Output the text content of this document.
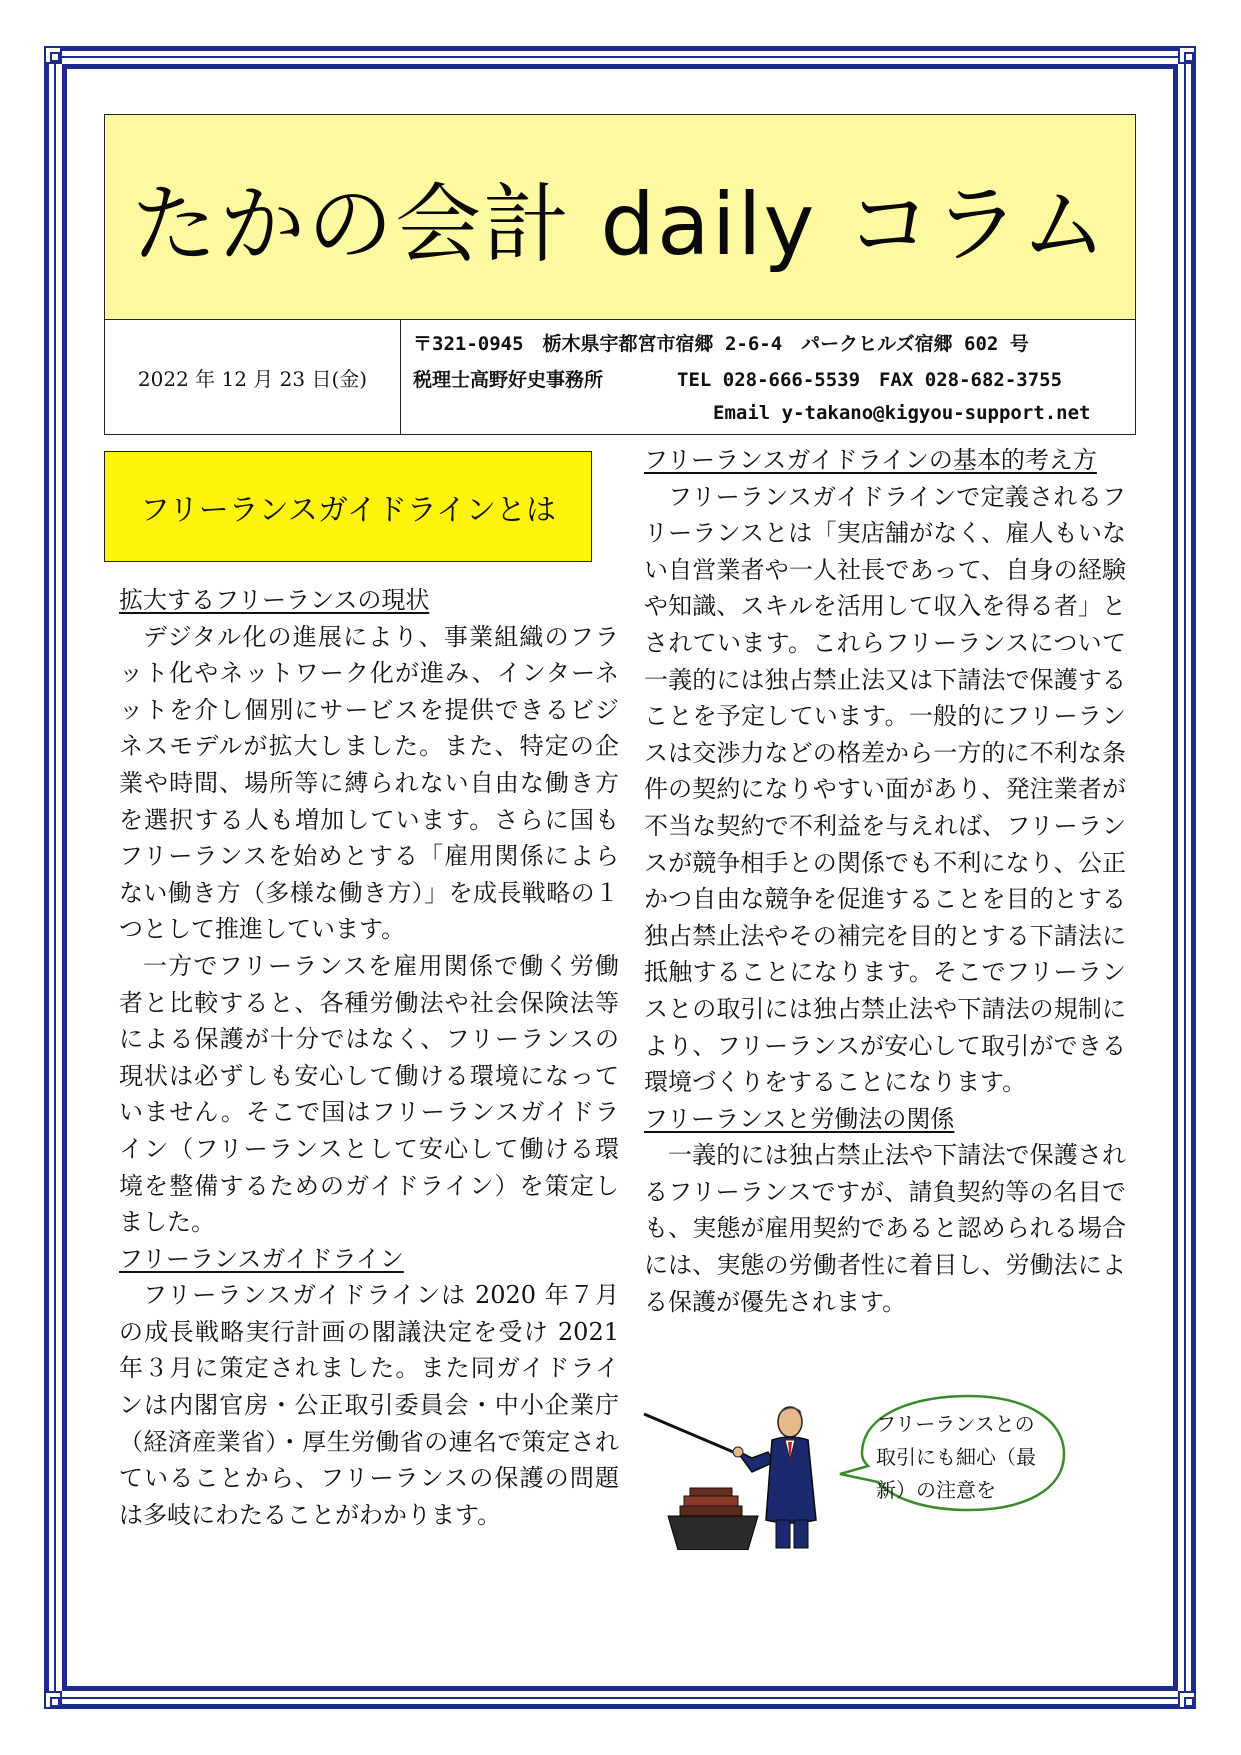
たかの会計 daily コラム
2022 年 12 月 23 日(金)
〒321-0945　栃木県宇都宮市宿郷 2-6-4　パークヒルズ宿郷 602 号
税理士高野好史事務所	TEL 028-666-5539　FAX 028-682-3755
Email y-takano@kigyou-support.net
フリーランスガイドラインとは
拡大するフリーランスの現状

デジタル化の進展により、事業組織のフラット化やネットワーク化が進み、インターネットを介し個別にサービスを提供できるビジネスモデルが拡大しました。また、特定の企業や時間、場所等に縛られない自由な働き方を選択する人も増加しています。さらに国もフリーランスを始めとする「雇用関係によらない働き方（多様な働き方）」を成長戦略の１つとして推進しています。

一方でフリーランスを雇用関係で働く労働者と比較すると、各種労働法や社会保険法等による保護が十分ではなく、フリーランスの現状は必ずしも安心して働ける環境になっていません。そこで国はフリーランスガイドライン（フリーランスとして安心して働ける環境を整備するためのガイドライン）を策定しました。

フリーランスガイドライン

フリーランスガイドラインは 2020 年７月の成長戦略実行計画の閣議決定を受け 2021 年３月に策定されました。また同ガイドラインは内閣官房・公正取引委員会・中小企業庁（経済産業省）・厚生労働省の連名で策定されていることから、フリーランスの保護の問題は多岐にわたることがわかります。

フリーランスガイドラインの基本的考え方

フリーランスガイドラインで定義されるフリーランスとは「実店舗がなく、雇人もいない自営業者や一人社長であって、自身の経験や知識、スキルを活用して収入を得る者」とされています。これらフリーランスについて一義的には独占禁止法又は下請法で保護することを予定しています。一般的にフリーランスは交渉力などの格差から一方的に不利な条件の契約になりやすい面があり、発注業者が不当な契約で不利益を与えれば、フリーランスが競争相手との関係でも不利になり、公正かつ自由な競争を促進することを目的とする独占禁止法やその補完を目的とする下請法に抵触することになります。そこでフリーランスとの取引には独占禁止法や下請法の規制により、フリーランスが安心して取引ができる環境づくりをすることになります。

フリーランスと労働法の関係

一義的には独占禁止法や下請法で保護されるフリーランスですが、請負契約等の名目でも、実態が雇用契約であると認められる場合には、実態の労働者性に着目し、労働法による保護が優先されます。

フリーランスとの取引にも細心（最新）の注意を
